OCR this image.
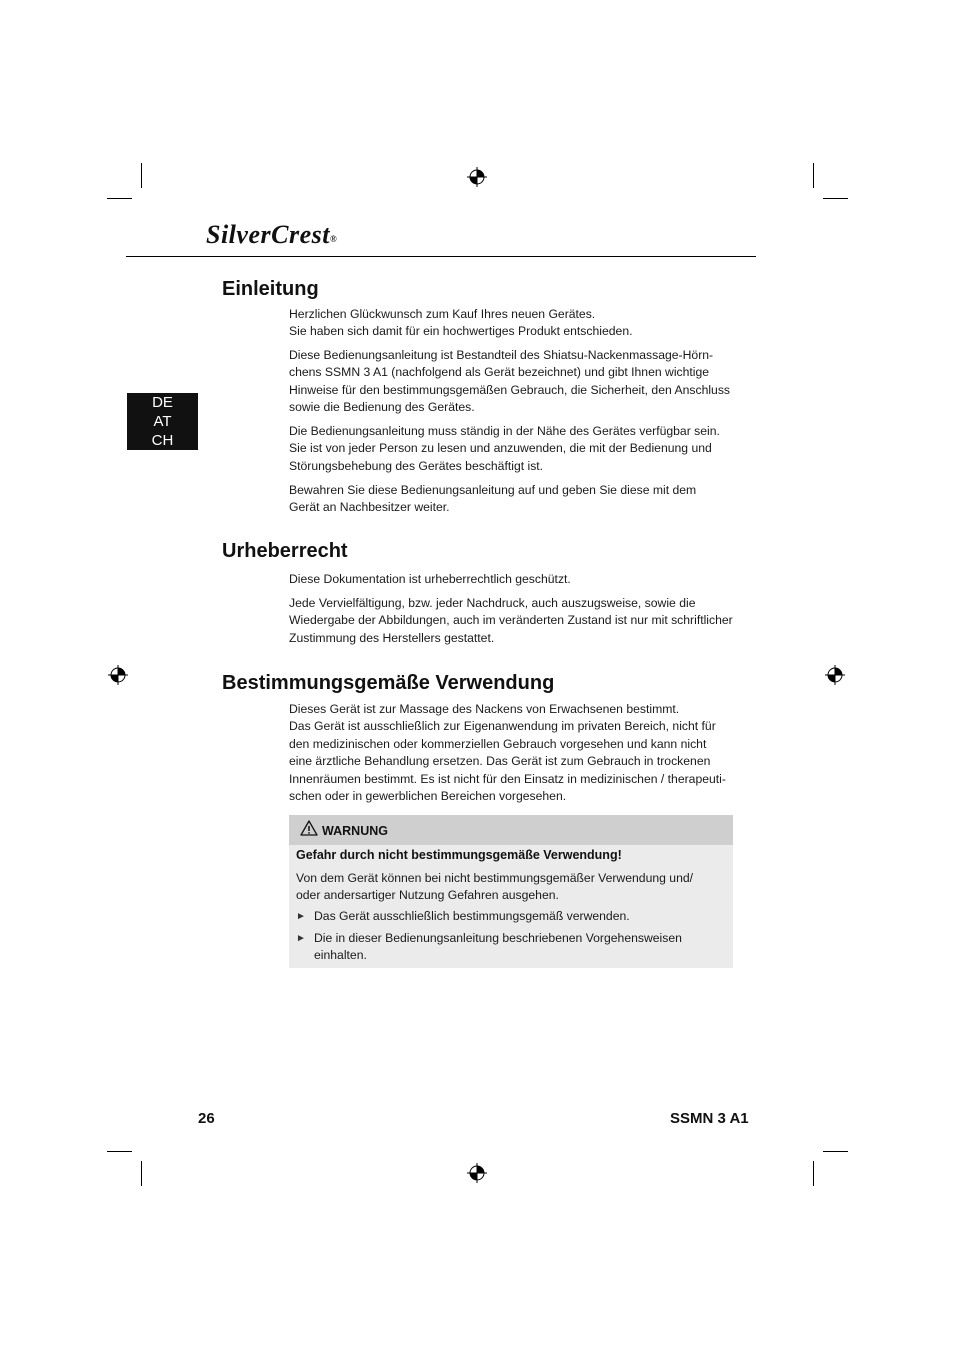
SilverCrest®
DE
AT
CH
Einleitung
Herzlichen Glückwunsch zum Kauf Ihres neuen Gerätes.
Sie haben sich damit für ein hochwertiges Produkt entschieden.
Diese Bedienungsanleitung ist Bestandteil des Shiatsu-Nackenmassage-Hörn-
chens SSMN 3 A1 (nachfolgend als Gerät bezeichnet) und gibt Ihnen wichtige
Hinweise für den bestimmungsgemäßen Gebrauch, die Sicherheit, den Anschluss
sowie die Bedienung des Gerätes.
Die Bedienungsanleitung muss ständig in der Nähe des Gerätes verfügbar sein.
Sie ist von jeder Person zu lesen und anzuwenden, die mit der Bedienung und
Störungsbehebung des Gerätes beschäftigt ist.
Bewahren Sie diese Bedienungsanleitung auf und geben Sie diese mit dem
Gerät an Nachbesitzer weiter.
Urheberrecht
Diese Dokumentation ist urheberrechtlich geschützt.
Jede Vervielfältigung, bzw. jeder Nachdruck, auch auszugsweise, sowie die
Wiedergabe der Abbildungen, auch im veränderten Zustand ist nur mit schriftlicher
Zustimmung des Herstellers gestattet.
Bestimmungsgemäße Verwendung
Dieses Gerät ist zur Massage des Nackens von Erwachsenen bestimmt.
Das Gerät ist ausschließlich zur Eigenanwendung im privaten Bereich, nicht für
den medizinischen oder kommerziellen Gebrauch vorgesehen und kann nicht
eine ärztliche Behandlung ersetzen. Das Gerät ist zum Gebrauch in trockenen
Innenräumen bestimmt. Es ist nicht für den Einsatz in medizinischen / therapeuti-
schen oder in gewerblichen Bereichen vorgesehen.
WARNUNG
Gefahr durch nicht bestimmungsgemäße Verwendung!
Von dem Gerät können bei nicht bestimmungsgemäßer Verwendung und/
oder andersartiger Nutzung Gefahren ausgehen.
► Das Gerät ausschließlich bestimmungsgemäß verwenden.
► Die in dieser Bedienungsanleitung beschriebenen Vorgehensweisen
einhalten.
26	SSMN 3 A1
